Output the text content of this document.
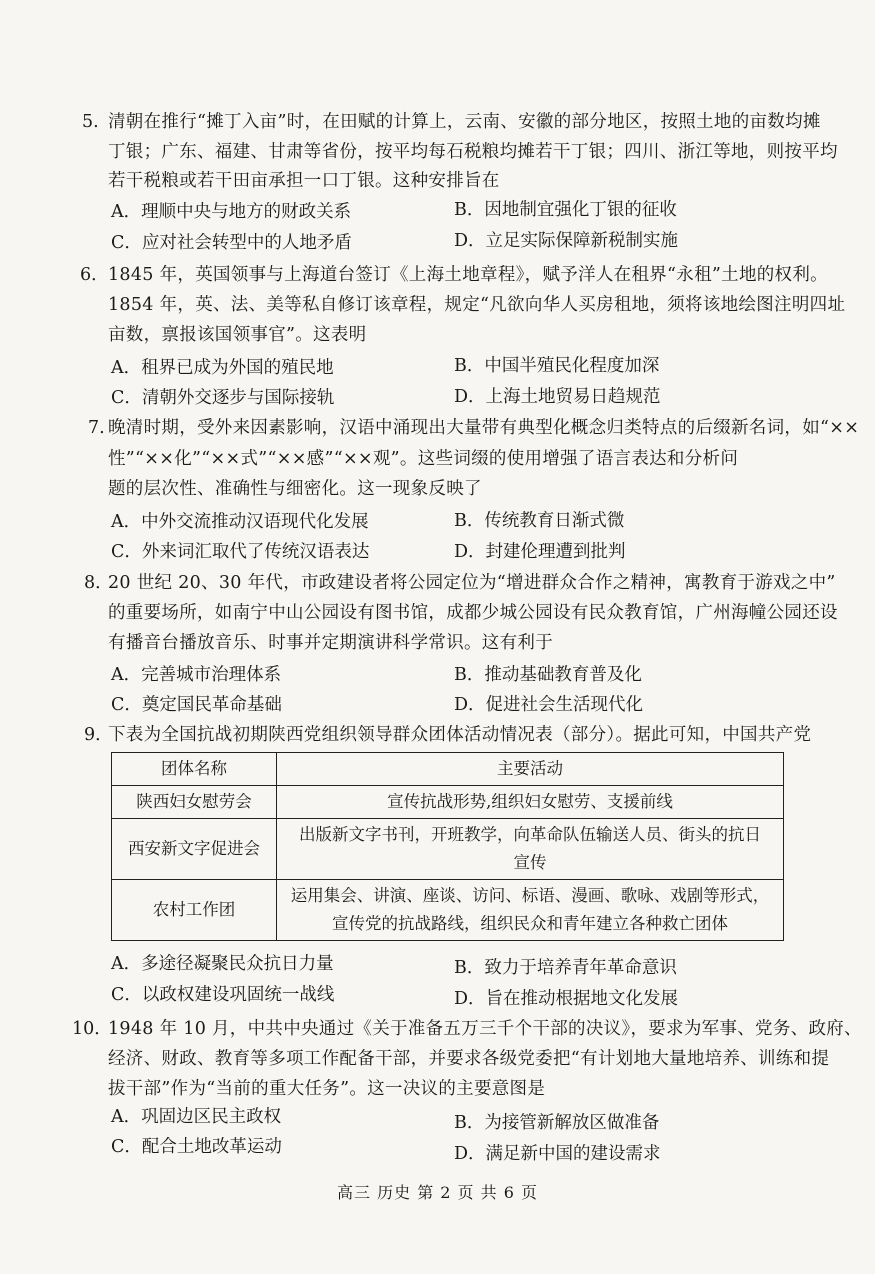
5. 清朝在推行“摊丁入亩”时，在田赋的计算上，云南、安徽的部分地区，按照土地的亩数均摊
丁银；广东、福建、甘肃等省份，按平均每石税粮均摊若干丁银；四川、浙江等地，则按平均
若干税粮或若干田亩承担一口丁银。这种安排旨在
A．理顺中央与地方的财政关系	B．因地制宜强化丁银的征收
C．应对社会转型中的人地矛盾	D．立足实际保障新税制实施
6． 1845 年，英国领事与上海道台签订《上海土地章程》，赋予洋人在租界“永租”土地的权利。
1854 年，英、法、美等私自修订该章程，规定“凡欲向华人买房租地，须将该地绘图注明四址
亩数，禀报该国领事官”。这表明
A．租界已成为外国的殖民地	B．中国半殖民化程度加深
C．清朝外交逐步与国际接轨	D．上海土地贸易日趋规范
7. 晚清时期，受外来因素影响，汉语中涌现出大量带有典型化概念归类特点的后缀新名词，如“××
性”“××化”“××式”“××感”“××观”。这些词缀的使用增强了语言表达和分析问
题的层次性、准确性与细密化。这一现象反映了
A．中外交流推动汉语现代化发展	B．传统教育日渐式微
C．外来词汇取代了传统汉语表达	D．封建伦理遭到批判
8．
20 世纪 20、30 年代，市政建设者将公园定位为“增进群众合作之精神，寓教育于游戏之中”
的重要场所，如南宁中山公园设有图书馆，成都少城公园设有民众教育馆，广州海幢公园还设
有播音台播放音乐、时事并定期演讲科学常识。这有利于
A．完善城市治理体系	B．推动基础教育普及化
C．奠定国民革命基础	D．促进社会生活现代化
9．
下表为全国抗战初期陕西党组织领导群众团体活动情况表（部分）。据此可知，中国共产党
团体名称	主要活动
陕西妇女慰劳会	宣传抗战形势,组织妇女慰劳、支援前线
西安新文字促进会	出版新文字书刊，开班教学，向革命队伍输送人员、街头的抗日
宣传

农村工作团	运用集会、讲演、座谈、访问、标语、漫画、歌咏、戏剧等形式，
宣传党的抗战路线，组织民众和青年建立各种救亡团体
A．多途径凝聚民众抗日力量	B．致力于培养青年革命意识
C．以政权建设巩固统一战线	D．旨在推动根据地文化发展
10．
1948 年 10 月，中共中央通过《关于准备五万三千个干部的决议》，要求为军事、党务、政府、
经济、财政、教育等多项工作配备干部，并要求各级党委把“有计划地大量地培养、训练和提
拔干部”作为“当前的重大任务”。这一决议的主要意图是
A．巩固边区民主政权	B．为接管新解放区做准备
C．配合土地改革运动	D．满足新中国的建设需求
高三 历史 第 2 页 共 6 页
